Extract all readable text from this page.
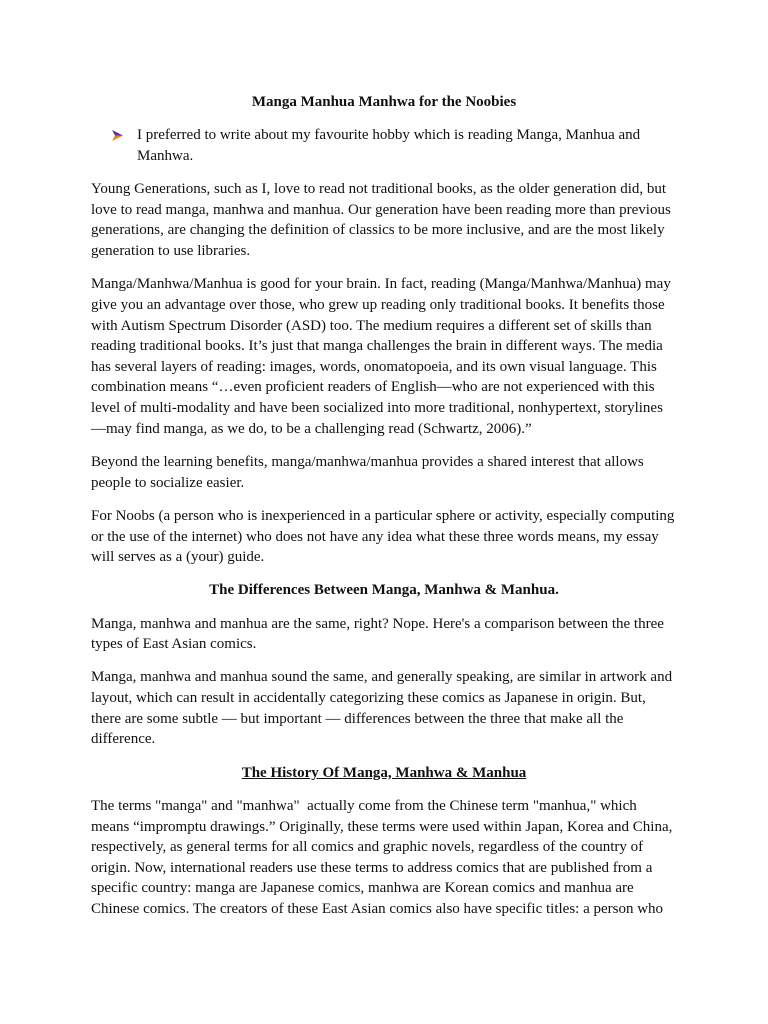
Manga Manhua Manhwa for the Noobies
I preferred to write about my favourite hobby which is reading Manga, Manhua and
Manhwa.
Young Generations, such as I, love to read not traditional books, as the older generation did, but
love to read manga, manhwa and manhua. Our generation have been reading more than previous
generations, are changing the definition of classics to be more inclusive, and are the most likely
generation to use libraries.
Manga/Manhwa/Manhua is good for your brain. In fact, reading (Manga/Manhwa/Manhua) may
give you an advantage over those, who grew up reading only traditional books. It benefits those
with Autism Spectrum Disorder (ASD) too. The medium requires a different set of skills than
reading traditional books. It’s just that manga challenges the brain in different ways. The media
has several layers of reading: images, words, onomatopoeia, and its own visual language. This
combination means “…even proficient readers of English—who are not experienced with this
level of multi-modality and have been socialized into more traditional, nonhypertext, storylines
—may find manga, as we do, to be a challenging read (Schwartz, 2006).”
Beyond the learning benefits, manga/manhwa/manhua provides a shared interest that allows
people to socialize easier.
For Noobs (a person who is inexperienced in a particular sphere or activity, especially computing
or the use of the internet) who does not have any idea what these three words means, my essay
will serves as a (your) guide.
The Differences Between Manga, Manhwa & Manhua.
Manga, manhwa and manhua are the same, right? Nope. Here's a comparison between the three
types of East Asian comics.
Manga, manhwa and manhua sound the same, and generally speaking, are similar in artwork and
layout, which can result in accidentally categorizing these comics as Japanese in origin. But,
there are some subtle — but important — differences between the three that make all the
difference.
The History Of Manga, Manhwa & Manhua
The terms "manga" and "manhwa"  actually come from the Chinese term "manhua," which
means “impromptu drawings.” Originally, these terms were used within Japan, Korea and China,
respectively, as general terms for all comics and graphic novels, regardless of the country of
origin. Now, international readers use these terms to address comics that are published from a
specific country: manga are Japanese comics, manhwa are Korean comics and manhua are
Chinese comics. The creators of these East Asian comics also have specific titles: a person who
